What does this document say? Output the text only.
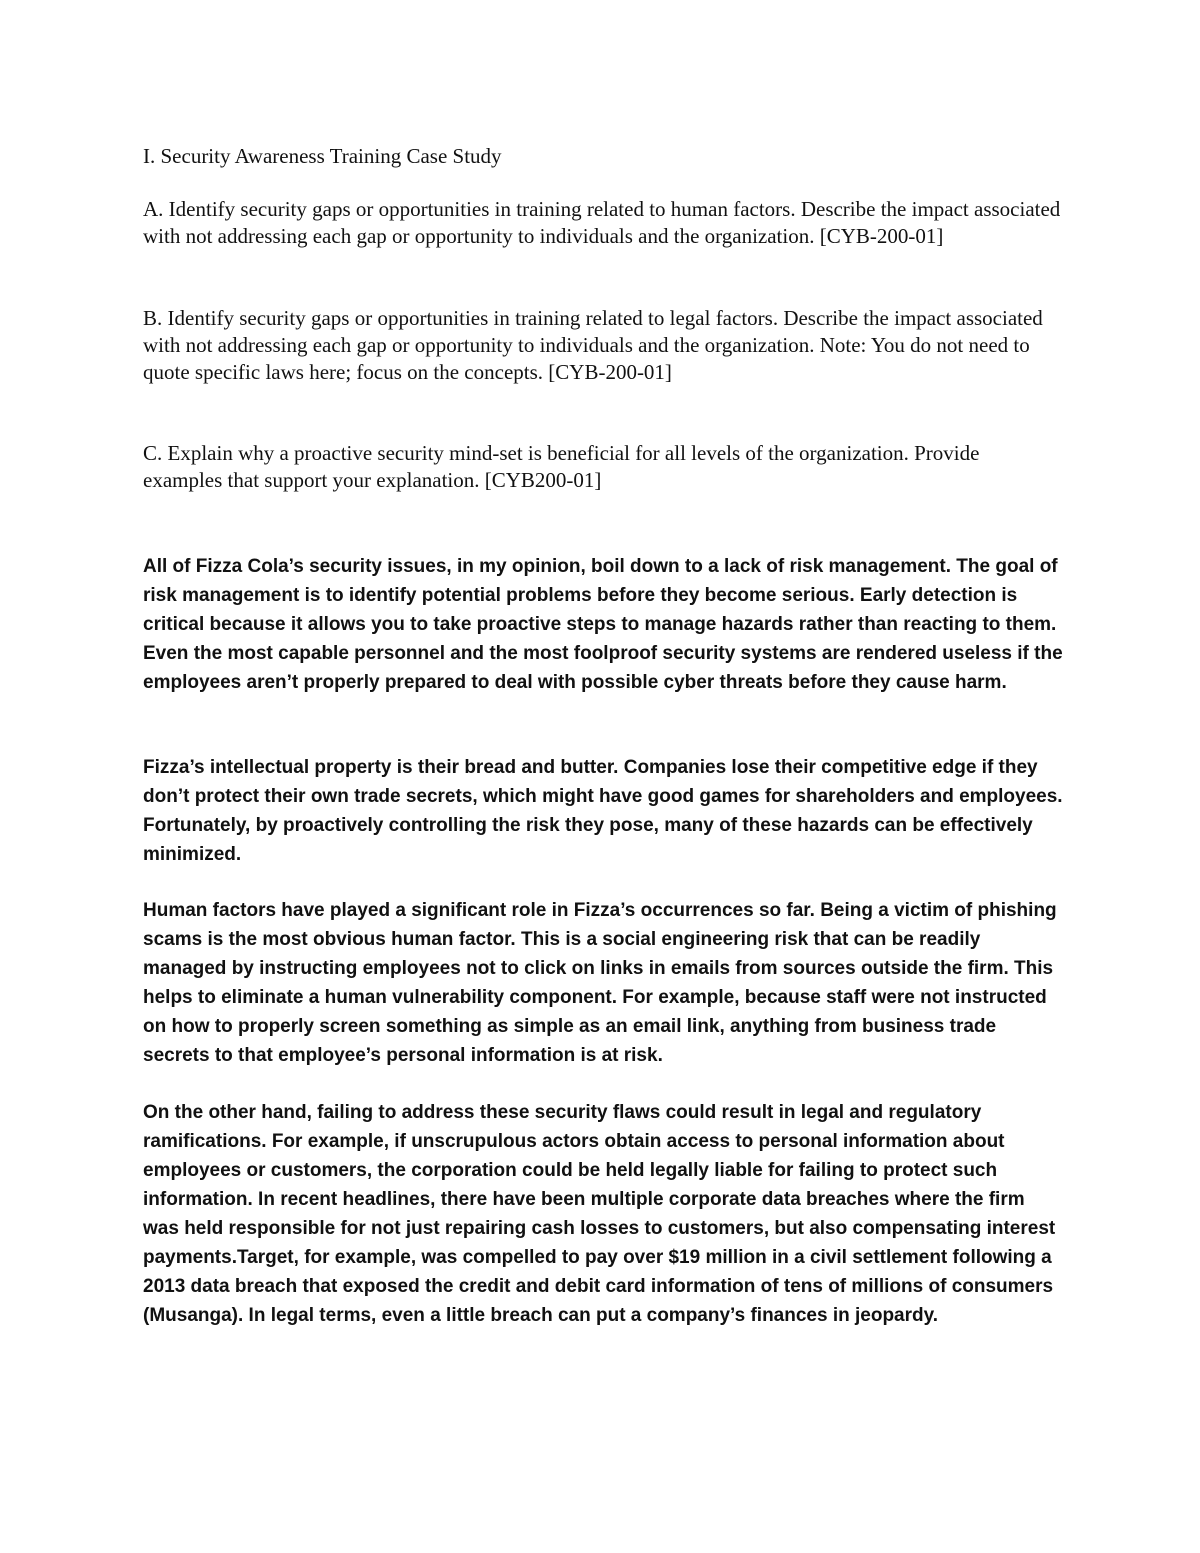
I. Security Awareness Training Case Study

A. Identify security gaps or opportunities in training related to human factors. Describe the impact associated with not addressing each gap or opportunity to individuals and the organization. [CYB-200-01]

B. Identify security gaps or opportunities in training related to legal factors. Describe the impact associated with not addressing each gap or opportunity to individuals and the organization. Note: You do not need to quote specific laws here; focus on the concepts. [CYB-200-01]

C. Explain why a proactive security mind-set is beneficial for all levels of the organization. Provide examples that support your explanation. [CYB200-01]

All of Fizza Cola’s security issues, in my opinion, boil down to a lack of risk management. The goal of risk management is to identify potential problems before they become serious. Early detection is critical because it allows you to take proactive steps to manage hazards rather than reacting to them. Even the most capable personnel and the most foolproof security systems are rendered useless if the employees aren’t properly prepared to deal with possible cyber threats before they cause harm.

Fizza’s intellectual property is their bread and butter. Companies lose their competitive edge if they don’t protect their own trade secrets, which might have good games for shareholders and employees. Fortunately, by proactively controlling the risk they pose, many of these hazards can be effectively minimized.

Human factors have played a significant role in Fizza’s occurrences so far. Being a victim of phishing scams is the most obvious human factor. This is a social engineering risk that can be readily managed by instructing employees not to click on links in emails from sources outside the firm. This helps to eliminate a human vulnerability component. For example, because staff were not instructed on how to properly screen something as simple as an email link, anything from business trade secrets to that employee’s personal information is at risk.

On the other hand, failing to address these security flaws could result in legal and regulatory ramifications. For example, if unscrupulous actors obtain access to personal information about employees or customers, the corporation could be held legally liable for failing to protect such information. In recent headlines, there have been multiple corporate data breaches where the firm was held responsible for not just repairing cash losses to customers, but also compensating interest payments.Target, for example, was compelled to pay over $19 million in a civil settlement following a 2013 data breach that exposed the credit and debit card information of tens of millions of consumers (Musanga). In legal terms, even a little breach can put a company’s finances in jeopardy.
